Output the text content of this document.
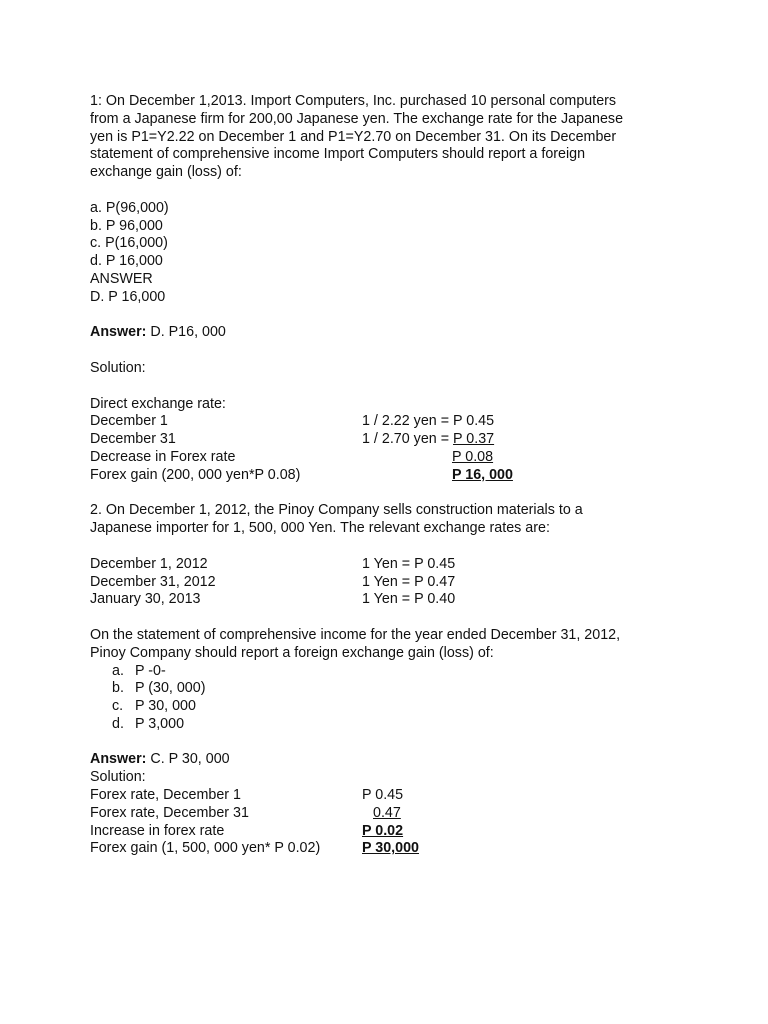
1: On December 1,2013. Import Computers, Inc. purchased 10 personal computers
from a Japanese firm for 200,00 Japanese yen. The exchange rate for the Japanese
yen is P1=Y2.22 on December 1 and P1=Y2.70 on December 31. On its December
statement of comprehensive income Import Computers should report a foreign
exchange gain (loss) of:
a. P(96,000)
b. P 96,000
c. P(16,000)
d. P 16,000
ANSWER
D. P 16,000
Answer: D. P16, 000
Solution:
Direct exchange rate:
December 1	1 / 2.22 yen = P 0.45
December 31	1 / 2.70 yen = P 0.37
Decrease in Forex rate	P 0.08
Forex gain (200, 000 yen*P 0.08)	P 16, 000
2. On December 1, 2012, the Pinoy Company sells construction materials to a
Japanese importer for 1, 500, 000 Yen. The relevant exchange rates are:
December 1, 2012	1 Yen = P 0.45
December 31, 2012	1 Yen = P 0.47
January 30, 2013	1 Yen = P 0.40
On the statement of comprehensive income for the year ended December 31, 2012,
Pinoy Company should report a foreign exchange gain (loss) of:
a. P -0-
b. P (30, 000)
c. P 30, 000
d. P 3,000
Answer: C. P 30, 000
Solution:
Forex rate, December 1	P 0.45
Forex rate, December 31	0.47
Increase in forex rate	P 0.02
Forex gain (1, 500, 000 yen* P 0.02)	P 30,000
